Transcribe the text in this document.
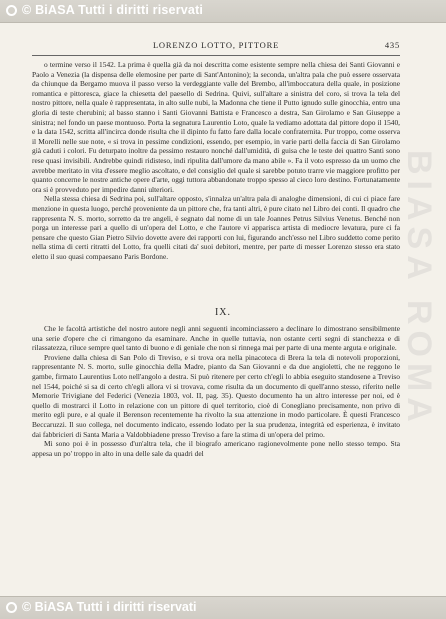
© BiASA Tutti i diritti riservati
BIASA ROMA
LORENZO LOTTO, PITTORE	435

o termine verso il 1542. La prima è quella già da noi descritta come esistente sempre nella chiesa dei Santi Giovanni e Paolo a Venezia (la dispensa delle elemosine per parte di Sant'Antonino); la seconda, un'altra pala che può essere osservata da chiunque da Bergamo muova il passo verso la verdeggiante valle del Brembo, all'imboccatura della quale, in posizione romantica e pittoresca, giace la chiesetta del paesello di Sedrina. Quivi, sull'altare a sinistra del coro, si trova la tela del nostro pittore, nella quale è rappresentata, in alto sulle nubi, la Madonna che tiene il Putto ignudo sulle ginocchia, entro una gloria di teste cherubini; al basso stanno i Santi Giovanni Battista e Francesco a destra, San Girolamo e San Giuseppe a sinistra; nel fondo un paese montuoso. Porta la segnatura Laurentio Loto, quale la vediamo adottata dal pittore dopo il 1540, e la data 1542, scritta all'incirca donde risulta che il dipinto fu fatto fare dalla locale confraternita. Pur troppo, come osserva il Morelli nelle sue note, « si trova in pessime condizioni, essendo, per esempio, in varie parti della faccia di San Girolamo già caduti i colori. Fu deturpato inoltre da pessimo restauro nonché dall'umidità, di guisa che le teste dei quattro Santi sono rese quasi invisibili. Andrebbe quindi ridisteso, indi ripulita dall'umore da mano abile ». Fa il voto espresso da un uomo che avrebbe meritato in vita d'essere meglio ascoltato, e del consiglio del quale si sarebbe potuto trarre vie maggiore profitto per quanto concerne le nostre antiche opere d'arte, oggi tuttora abbandonate troppo spesso al cieco loro destino. Fortunatamente ora si è provveduto per impedire danni ulteriori.

Nella stessa chiesa di Sedrina poi, sull'altare opposto, s'innalza un'altra pala di analoghe dimensioni, di cui ci piace fare menzione in questa luogo, perché proveniente da un pittore che, fra tanti altri, è pure citato nel Libro dei conti. Il quadro che rappresenta N. S. morto, sorretto da tre angeli, è segnato dal nome di un tale Joannes Petrus Silvius Venetus. Benché non porga un interesse pari a quello di un'opera del Lotto, e che l'autore vi apparisca artista di mediocre levatura, pure ci fa pensare che questo Gian Pietro Silvio dovette avere dei rapporti con lui, figurando anch'esso nel Libro suddetto come perito nella stima di certi ritratti del Lotto, fra quelli citati da' suoi debitori, mentre, per parte di messer Lorenzo stesso era stato eletto il suo quasi compaesano Paris Bordone.

IX.

Che le facoltà artistiche del nostro autore negli anni seguenti incominciassero a declinare lo dimostrano sensibilmente una serie d'opere che ci rimangono da esaminare. Anche in quelle tuttavia, non ostante certi segni di stanchezza e di rilassatezza, riluce sempre quel tanto di buono e di geniale che non si rinnega mai per parte di una mente arguta e originale.

Proviene dalla chiesa di San Polo di Treviso, e si trova ora nella pinacoteca di Brera la tela di notevoli proporzioni, rappresentante N. S. morto, sulle ginocchia della Madre, pianto da San Giovanni e da due angioletti, che ne reggono le gambe, firmato Laurentius Loto nell'angolo a destra. Si può ritenere per certo ch'egli lo abbia eseguito standosene a Treviso nel 1544, poiché si sa di certo ch'egli allora vi si trovava, come risulta da un documento di quell'anno stesso, riferito nelle Memorie Trivigiane del Federici (Venezia 1803, vol. II, pag. 35). Questo documento ha un altro interesse per noi, ed è quello di mostrarci il Lotto in relazione con un pittore di quel territorio, cioè di Conegliano precisamente, non privo di merito egli pure, e al quale il Berenson recentemente ha rivolto la sua attenzione in modo particolare. È questi Francesco Beccaruzzi. Il suo collega, nel documento indicato, essendo lodato per la sua prudenza, integrità ed esperienza, è invitato dai fabbricieri di Santa Maria a Valdobbiadene presso Treviso a fare la stima di un'opera del primo.

Mi sono poi è in possesso d'un'altra tela, che il biografo americano ragionevolmente pone nello stesso tempo. Sta appesa un po' troppo in alto in una delle sale da quadri del

© BiASA Tutti i diritti riservati
